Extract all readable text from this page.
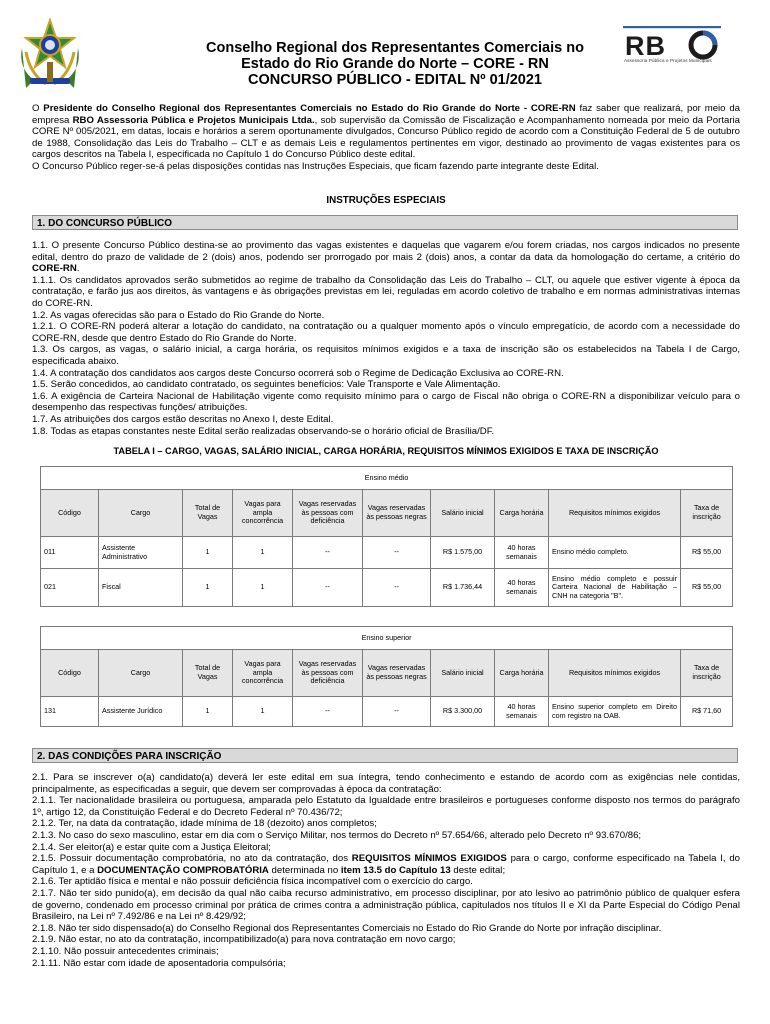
Conselho Regional dos Representantes Comerciais no
Estado do Rio Grande do Norte – CORE - RN
CONCURSO PÚBLICO - EDITAL Nº 01/2021
RB
Assessoria Pública e Projetos Municipais

O Presidente do Conselho Regional dos Representantes Comerciais no Estado do Rio Grande do Norte - CORE-RN faz saber que realizará, por meio da empresa RBO Assessoria Pública e Projetos Municipais Ltda., sob supervisão da Comissão de Fiscalização e Acompanhamento nomeada por meio da Portaria CORE Nº 005/2021, em datas, locais e horários a serem oportunamente divulgados, Concurso Público regido de acordo com a Constituição Federal de 5 de outubro de 1988, Consolidação das Leis do Trabalho – CLT e as demais Leis e regulamentos pertinentes em vigor, destinado ao provimento de vagas existentes para os cargos descritos na Tabela I, especificada no Capítulo 1 do Concurso Público deste edital.

O Concurso Público reger-se-á pelas disposições contidas nas Instruções Especiais, que ficam fazendo parte integrante deste Edital.

INSTRUÇÕES ESPECIAIS
1. DO CONCURSO PÚBLICO

1.1. O presente Concurso Público destina-se ao provimento das vagas existentes e daquelas que vagarem e/ou forem criadas, nos cargos indicados no presente edital, dentro do prazo de validade de 2 (dois) anos, podendo ser prorrogado por mais 2 (dois) anos, a contar da data da homologação do certame, a critério do CORE-RN.

1.1.1. Os candidatos aprovados serão submetidos ao regime de trabalho da Consolidação das Leis do Trabalho – CLT, ou aquele que estiver vigente à época da contratação, e farão jus aos direitos, às vantagens e às obrigações previstas em lei, reguladas em acordo coletivo de trabalho e em normas administrativas internas do CORE-RN.

1.2. As vagas oferecidas são para o Estado do Rio Grande do Norte.

1.2.1. O CORE-RN poderá alterar a lotação do candidato, na contratação ou a qualquer momento após o vínculo empregatício, de acordo com a necessidade do CORE-RN, desde que dentro Estado do Rio Grande do Norte.

1.3. Os cargos, as vagas, o salário inicial, a carga horária, os requisitos mínimos exigidos e a taxa de inscrição são os estabelecidos na Tabela I de Cargo, especificada abaixo.

1.4. A contratação dos candidatos aos cargos deste Concurso ocorrerá sob o Regime de Dedicação Exclusiva ao CORE-RN.

1.5. Serão concedidos, ao candidato contratado, os seguintes benefícios: Vale Transporte e Vale Alimentação.

1.6. A exigência de Carteira Nacional de Habilitação vigente como requisito mínimo para o cargo de Fiscal não obriga o CORE-RN a disponibilizar veículo para o desempenho das respectivas funções/ atribuições.

1.7. As atribuições dos cargos estão descritas no Anexo I, deste Edital.

1.8. Todas as etapas constantes neste Edital serão realizadas observando-se o horário oficial de Brasília/DF.

TABELA I – CARGO, VAGAS, SALÁRIO INICIAL, CARGA HORÁRIA, REQUISITOS MÍNIMOS EXIGIDOS E TAXA DE INSCRIÇÃO
Ensino médio									
Código	Cargo	Total de Vagas	Vagas para ampla concorrência	Vagas reservadas às pessoas com deficiência	Vagas reservadas às pessoas negras	Salário inicial	Carga horária	Requisitos mínimos exigidos	Taxa de inscrição
011	Assistente Administrativo	1	1	--	--	R$ 1.575,00	40 horas semanais	Ensino médio completo.	R$ 55,00
021	Fiscal	1	1	--	--	R$ 1.736,44	40 horas semanais	Ensino médio completo e possuir Carteira Nacional de Habilitação – CNH na categoria "B".	R$ 55,00
Ensino superior									
Código	Cargo	Total de Vagas	Vagas para ampla concorrência	Vagas reservadas às pessoas com deficiência	Vagas reservadas às pessoas negras	Salário inicial	Carga horária	Requisitos mínimos exigidos	Taxa de inscrição
131	Assistente Jurídico	1	1	--	--	R$ 3.300,00	40 horas semanais	Ensino superior completo em Direito com registro na OAB.	R$ 71,60
2. DAS CONDIÇÕES PARA INSCRIÇÃO

2.1. Para se inscrever o(a) candidato(a) deverá ler este edital em sua íntegra, tendo conhecimento e estando de acordo com as exigências nele contidas, principalmente, as especificadas a seguir, que devem ser comprovadas à época da contratação:

2.1.1. Ter nacionalidade brasileira ou portuguesa, amparada pelo Estatuto da Igualdade entre brasileiros e portugueses conforme disposto nos termos do parágrafo 1º, artigo 12, da Constituição Federal e do Decreto Federal nº 70.436/72;

2.1.2. Ter, na data da contratação, idade mínima de 18 (dezoito) anos completos;

2.1.3. No caso do sexo masculino, estar em dia com o Serviço Militar, nos termos do Decreto nº 57.654/66, alterado pelo Decreto nº 93.670/86;

2.1.4. Ser eleitor(a) e estar quite com a Justiça Eleitoral;

2.1.5. Possuir documentação comprobatória, no ato da contratação, dos REQUISITOS MÍNIMOS EXIGIDOS para o cargo, conforme especificado na Tabela I, do Capítulo 1, e a DOCUMENTAÇÃO COMPROBATÓRIA determinada no item 13.5 do Capítulo 13 deste edital;

2.1.6. Ter aptidão física e mental e não possuir deficiência física incompatível com o exercício do cargo.

2.1.7. Não ter sido punido(a), em decisão da qual não caiba recurso administrativo, em processo disciplinar, por ato lesivo ao patrimônio público de qualquer esfera de governo, condenado em processo criminal por prática de crimes contra a administração pública, capitulados nos títulos II e XI da Parte Especial do Código Penal Brasileiro, na Lei nº 7.492/86 e na Lei nº 8.429/92;

2.1.8. Não ter sido dispensado(a) do Conselho Regional dos Representantes Comerciais no Estado do Rio Grande do Norte por infração disciplinar.

2.1.9. Não estar, no ato da contratação, incompatibilizado(a) para nova contratação em novo cargo;

2.1.10. Não possuir antecedentes criminais;

2.1.11. Não estar com idade de aposentadoria compulsória;
